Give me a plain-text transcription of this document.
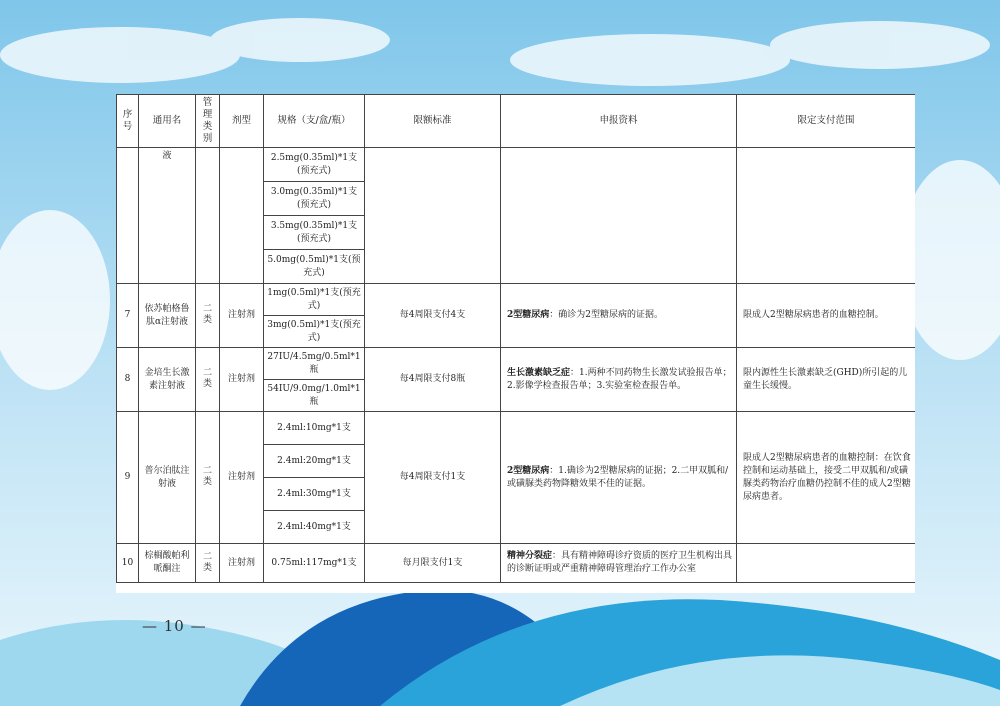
序号	通用名	管理类别	剂型	规格（支/盒/瓶）	限额标准	申报资料	限定支付范围
	液			2.5mg(0.35ml)*1支(预充式)			
				3.0mg(0.35ml)*1支(预充式)			
				3.5mg(0.35ml)*1支(预充式)			
				5.0mg(0.5ml)*1支(预充式)			
7	依苏帕格鲁肽α注射液	二类	注射剂	1mg(0.5ml)*1支(预充式)	每4周限支付4支	2型糖尿病：确诊为2型糖尿病的证据。	限成人2型糖尿病患者的血糖控制。
				3mg(0.5ml)*1支(预充式)			
8	金培生长激素注射液	二类	注射剂	27IU/4.5mg/0.5ml*1瓶	每4周限支付8瓶	生长激素缺乏症：1.两种不同药物生长激发试验报告单；2.影像学检查报告单；3.实验室检查报告单。	限内源性生长激素缺乏(GHD)所引起的儿童生长缓慢。
				54IU/9.0mg/1.0ml*1瓶			
9	普尔泊肽注射液	二类	注射剂	2.4ml:10mg*1支	每4周限支付1支	2型糖尿病：1.确诊为2型糖尿病的证据；2.二甲双胍和/或磺脲类药物降糖效果不佳的证据。	限成人2型糖尿病患者的血糖控制：在饮食控制和运动基础上，接受二甲双胍和/或磺脲类药物治疗血糖仍控制不佳的成人2型糖尿病患者。
				2.4ml:20mg*1支			
				2.4ml:30mg*1支			
				2.4ml:40mg*1支			
10	棕榈酸帕利哌酮注	二类	注射剂	0.75ml:117mg*1支	每月限支付1支	精神分裂症：具有精神障碍诊疗资质的医疗卫生机构出具的诊断证明或严重精神障碍管理治疗工作办公室	
— 10 —
